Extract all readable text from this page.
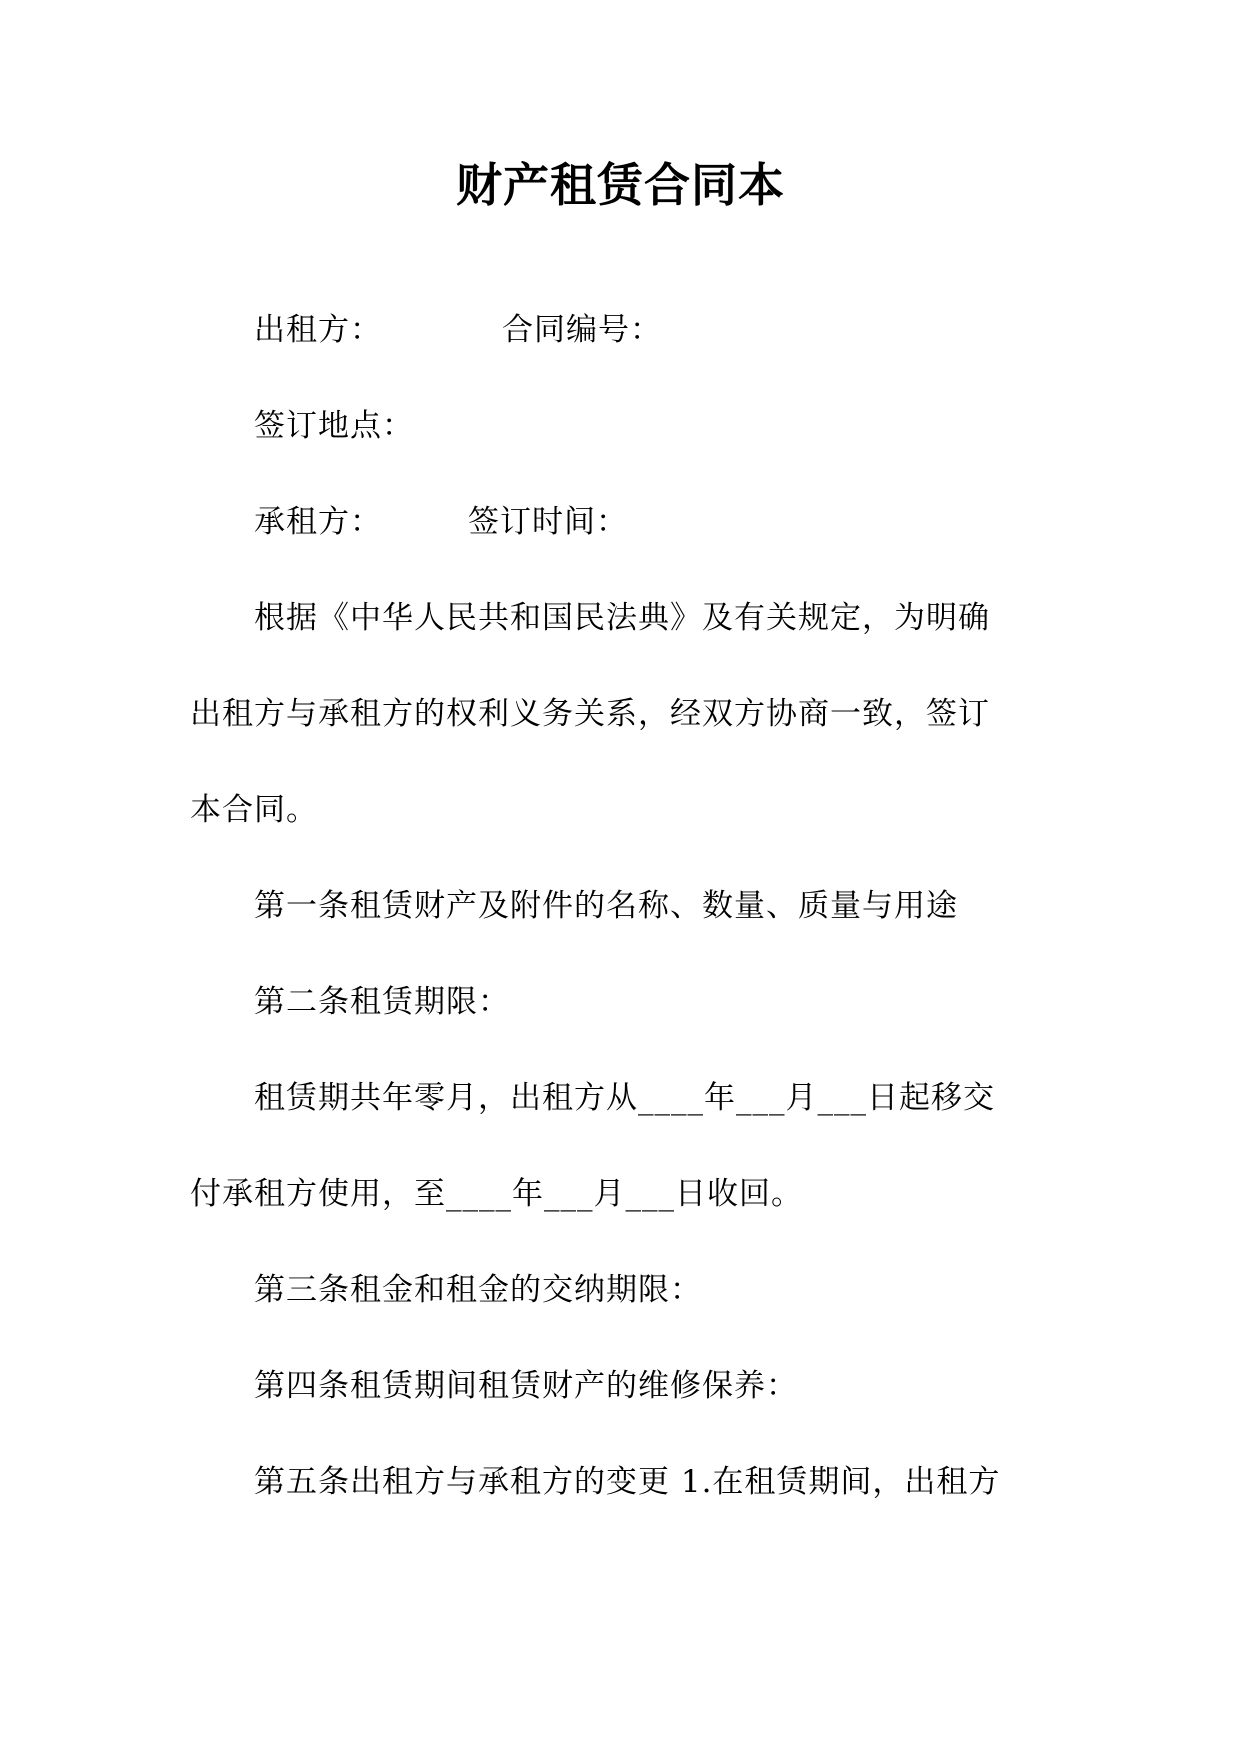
财产租赁合同本
出租方：	合同编号：
签订地点：
承租方：	签订时间：
根据《中华人民共和国民法典》及有关规定，为明确
出租方与承租方的权利义务关系，经双方协商一致，签订
本合同。
第一条租赁财产及附件的名称、数量、质量与用途
第二条租赁期限：
租赁期共年零月，出租方从____年___月___日起移交
付承租方使用，至____年___月___日收回。
第三条租金和租金的交纳期限：
第四条租赁期间租赁财产的维修保养：
第五条出租方与承租方的变更 1.在租赁期间，出租方
